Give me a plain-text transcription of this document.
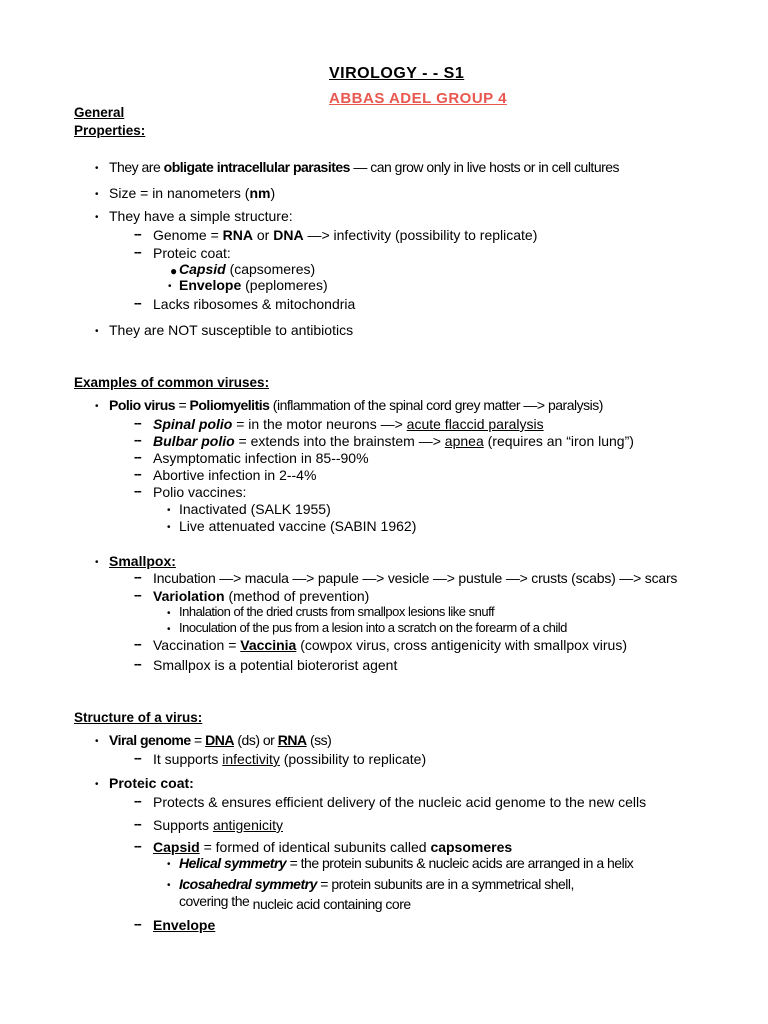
VIROLOGY - - S1
ABBAS ADEL GROUP 4
General
Properties:
• They are obligate intracellular parasites — can grow only in live hosts or in cell cultures
• Size = in nanometers (nm)
• They have a simple structure:
-- Genome = RNA or DNA —> infectivity (possibility to replicate)
-- Proteic coat:
● Capsid (capsomeres)
• Envelope (peplomeres)
-- Lacks ribosomes & mitochondria
• They are NOT susceptible to antibiotics
Examples of common viruses:
• Polio virus = Poliomyelitis (inflammation of the spinal cord grey matter —> paralysis)
-- Spinal polio = in the motor neurons —> acute flaccid paralysis
-- Bulbar polio = extends into the brainstem —> apnea (requires an “iron lung”)
-- Asymptomatic infection in 85--90%
-- Abortive infection in 2--4%
-- Polio vaccines:
• Inactivated (SALK 1955)
• Live attenuated vaccine (SABIN 1962)
• Smallpox:
-- Incubation —> macula —> papule —> vesicle —> pustule —> crusts (scabs) —> scars
-- Variolation (method of prevention)
• Inhalation of the dried crusts from smallpox lesions like snuff
• Inoculation of the pus from a lesion into a scratch on the forearm of a child
-- Vaccination = Vaccinia (cowpox virus, cross antigenicity with smallpox virus)
-- Smallpox is a potential bioterorist agent
Structure of a virus:
• Viral genome = DNA (ds) or RNA (ss)
-- It supports infectivity (possibility to replicate)
• Proteic coat:
-- Protects & ensures efficient delivery of the nucleic acid genome to the new cells
-- Supports antigenicity
-- Capsid = formed of identical subunits called capsomeres
• Helical symmetry = the protein subunits & nucleic acids are arranged in a helix
• Icosahedral symmetry = protein subunits are in a symmetrical shell,
covering the nucleic acid containing core
-- Envelope
